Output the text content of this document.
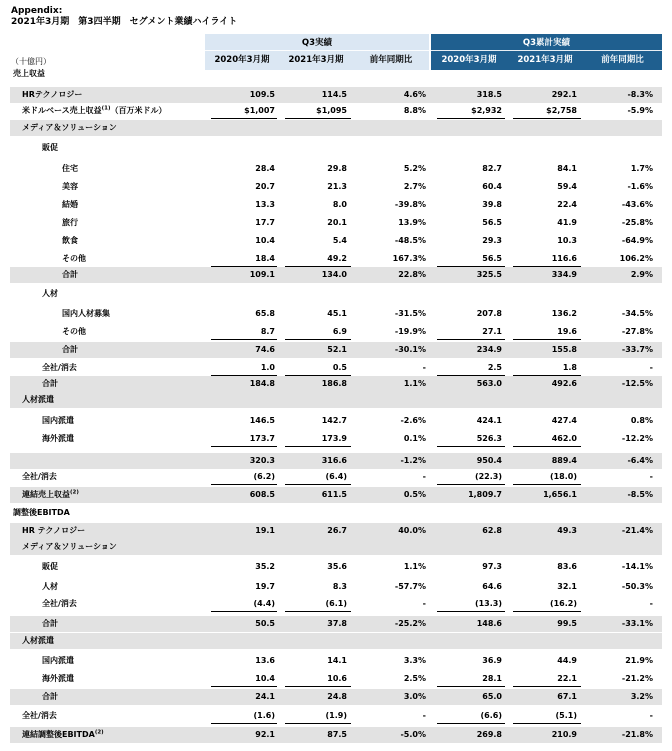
Appendix:
2021年3月期　第3四半期　セグメント業績ハイライト
Q3実績	Q3累計実績
2020年3月期	2021年3月期	前年同期比	2020年3月期	2021年3月期	前年同期比
（十億円）
売上収益
HRテクノロジー	109.5	114.5	4.6%	318.5	292.1	-8.3%
米ドルベース売上収益$^{(1)}$（百万米ドル）	$1,007	$1,095	8.8%	$2,932	$2,758	-5.9%
メディア＆ソリューション
販促
住宅	28.4	29.8	5.2%	82.7	84.1	1.7%
美容	20.7	21.3	2.7%	60.4	59.4	-1.6%
結婚	13.3	8.0	-39.8%	39.8	22.4	-43.6%
旅行	17.7	20.1	13.9%	56.5	41.9	-25.8%
飲食	10.4	5.4	-48.5%	29.3	10.3	-64.9%
その他	18.4	49.2	167.3%	56.5	116.6	106.2%
合計	109.1	134.0	22.8%	325.5	334.9	2.9%
人材
国内人材募集	65.8	45.1	-31.5%	207.8	136.2	-34.5%
その他	8.7	6.9	-19.9%	27.1	19.6	-27.8%
合計	74.6	52.1	-30.1%	234.9	155.8	-33.7%
全社/消去	1.0	0.5	-	2.5	1.8	-
合計	184.8	186.8	1.1%	563.0	492.6	-12.5%
人材派遣
国内派遣	146.5	142.7	-2.6%	424.1	427.4	0.8%
海外派遣	173.7	173.9	0.1%	526.3	462.0	-12.2%
320.3	316.6	-1.2%	950.4	889.4	-6.4%
全社/消去	(6.2)	(6.4)	-	(22.3)	(18.0)	-
連結売上収益$^{(2)}$	608.5	611.5	0.5%	1,809.7	1,656.1	-8.5%
調整後EBITDA
HR テクノロジー	19.1	26.7	40.0%	62.8	49.3	-21.4%
メディア＆ソリューション
販促	35.2	35.6	1.1%	97.3	83.6	-14.1%
人材	19.7	8.3	-57.7%	64.6	32.1	-50.3%
全社/消去	(4.4)	(6.1)	-	(13.3)	(16.2)	-
合計	50.5	37.8	-25.2%	148.6	99.5	-33.1%
人材派遣
国内派遣	13.6	14.1	3.3%	36.9	44.9	21.9%
海外派遣	10.4	10.6	2.5%	28.1	22.1	-21.2%
合計	24.1	24.8	3.0%	65.0	67.1	3.2%
全社/消去	(1.6)	(1.9)	-	(6.6)	(5.1)	-
連結調整後EBITDA$^{(2)}$	92.1	87.5	-5.0%	269.8	210.9	-21.8%
